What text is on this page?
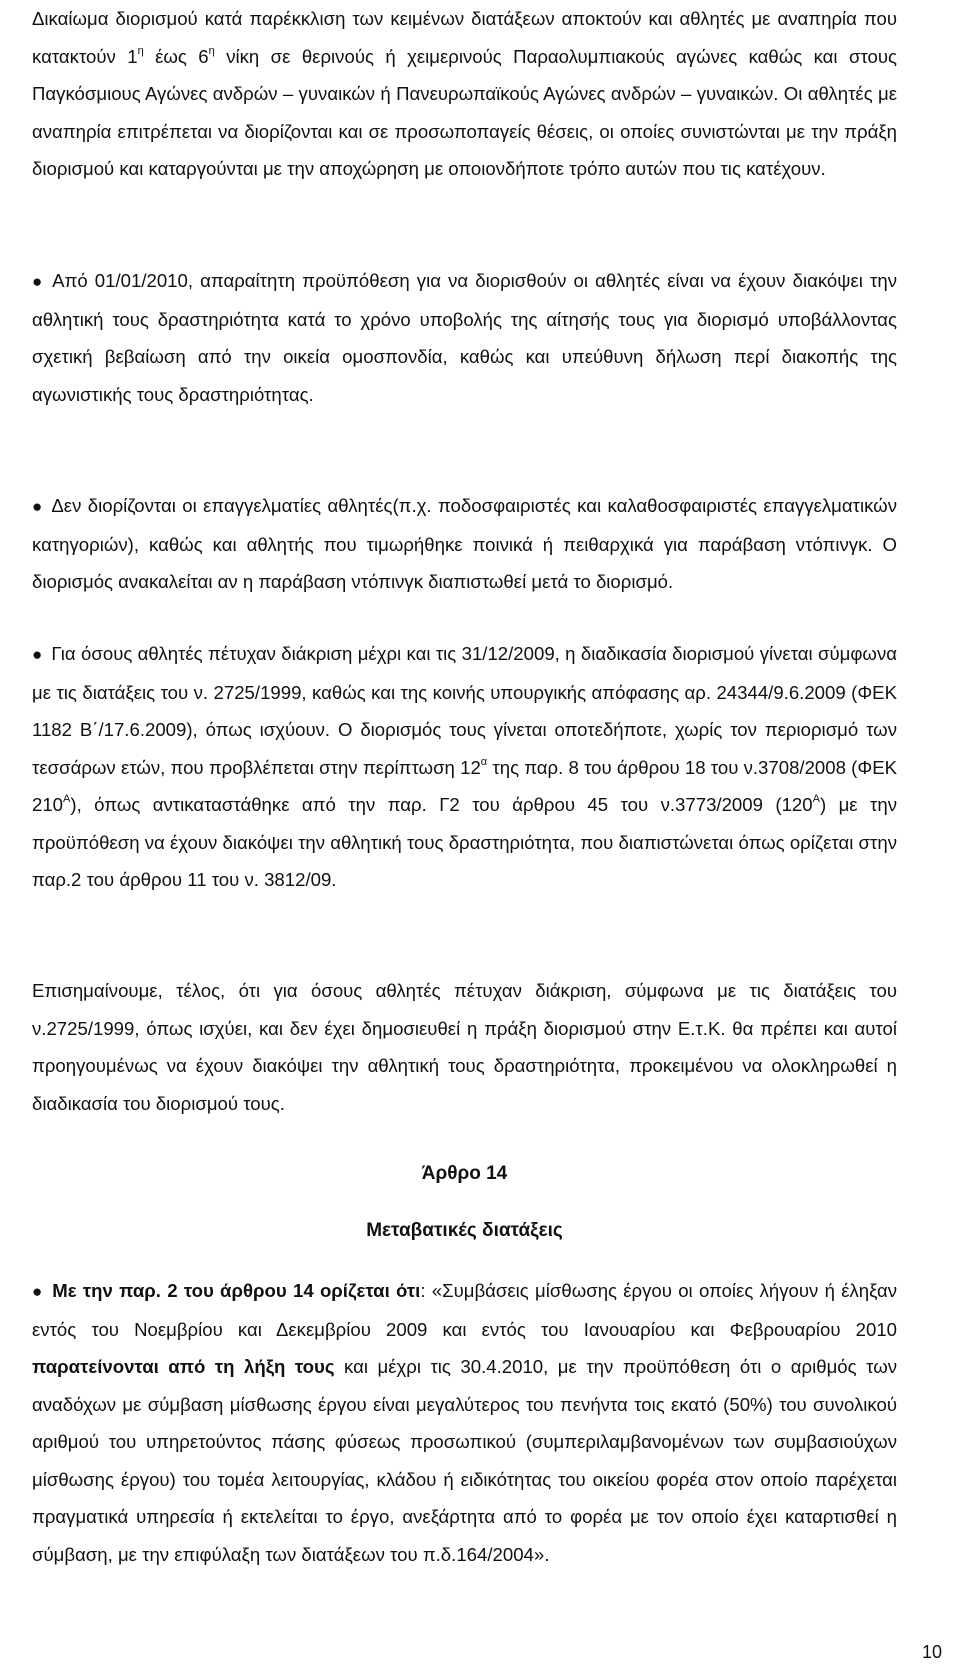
Δικαίωμα διορισμού κατά παρέκκλιση των κειμένων διατάξεων αποκτούν και αθλητές με αναπηρία που κατακτούν $1^\eta$ έως $6^\eta$ νίκη σε θερινούς ή χειμερινούς Παραολυμπιακούς αγώνες καθώς και στους Παγκόσμιους Αγώνες ανδρών – γυναικών ή Πανευρωπαϊκούς Αγώνες ανδρών – γυναικών. Οι αθλητές με αναπηρία επιτρέπεται να διορίζονται και σε προσωποπαγείς θέσεις, οι οποίες συνιστώνται με την πράξη διορισμού και καταργούνται με την αποχώρηση με οποιονδήποτε τρόπο αυτών που τις κατέχουν.

● Από 01/01/2010, απαραίτητη προϋπόθεση για να διορισθούν οι αθλητές είναι να έχουν διακόψει την αθλητική τους δραστηριότητα κατά το χρόνο υποβολής της αίτησής τους για διορισμό υποβάλλοντας σχετική βεβαίωση από την οικεία ομοσπονδία, καθώς και υπεύθυνη δήλωση περί διακοπής της αγωνιστικής τους δραστηριότητας.

● Δεν διορίζονται οι επαγγελματίες αθλητές(π.χ. ποδοσφαιριστές και καλαθοσφαιριστές επαγγελματικών κατηγοριών), καθώς και αθλητής που τιμωρήθηκε ποινικά ή πειθαρχικά για παράβαση ντόπινγκ. Ο διορισμός ανακαλείται αν η παράβαση ντόπινγκ διαπιστωθεί μετά το διορισμό.

● Για όσους αθλητές πέτυχαν διάκριση μέχρι και τις 31/12/2009, η διαδικασία διορισμού γίνεται σύμφωνα με τις διατάξεις του ν. 2725/1999, καθώς και της κοινής υπουργικής απόφασης αρ. 24344/9.6.2009 (ΦΕΚ 1182 Β΄/17.6.2009), όπως ισχύουν. Ο διορισμός τους γίνεται οποτεδήποτε, χωρίς τον περιορισμό των τεσσάρων ετών, που προβλέπεται στην περίπτωση $12^\alpha$ της παρ. 8 του άρθρου 18 του ν.3708/2008 (ΦΕΚ $210^A$), όπως αντικαταστάθηκε από την παρ. Γ2 του άρθρου 45 του ν.3773/2009 $(120^A)$ με την προϋπόθεση να έχουν διακόψει την αθλητική τους δραστηριότητα, που διαπιστώνεται όπως ορίζεται στην παρ.2 του άρθρου 11 του ν. 3812/09.

Επισημαίνουμε, τέλος, ότι για όσους αθλητές πέτυχαν διάκριση, σύμφωνα με τις διατάξεις του ν.2725/1999, όπως ισχύει, και δεν έχει δημοσιευθεί η πράξη διορισμού στην Ε.τ.Κ. θα πρέπει και αυτοί προηγουμένως να έχουν διακόψει την αθλητική τους δραστηριότητα, προκειμένου να ολοκληρωθεί η διαδικασία του διορισμού τους.

Άρθρο 14

Μεταβατικές διατάξεις

● Με την παρ. 2 του άρθρου 14 ορίζεται ότι: «Συμβάσεις μίσθωσης έργου οι οποίες λήγουν ή έληξαν εντός του Νοεμβρίου και Δεκεμβρίου 2009 και εντός του Ιανουαρίου και Φεβρουαρίου 2010 παρατείνονται από τη λήξη τους και μέχρι τις 30.4.2010, με την προϋπόθεση ότι ο αριθμός των αναδόχων με σύμβαση μίσθωσης έργου είναι μεγαλύτερος του πενήντα τοις εκατό (50%) του συνολικού αριθμού του υπηρετούντος πάσης φύσεως προσωπικού (συμπεριλαμβανομένων των συμβασιούχων μίσθωσης έργου) του τομέα λειτουργίας, κλάδου ή ειδικότητας του οικείου φορέα στον οποίο παρέχεται πραγματικά υπηρεσία ή εκτελείται το έργο, ανεξάρτητα από το φορέα με τον οποίο έχει καταρτισθεί η σύμβαση, με την επιφύλαξη των διατάξεων του π.δ.164/2004».

10
